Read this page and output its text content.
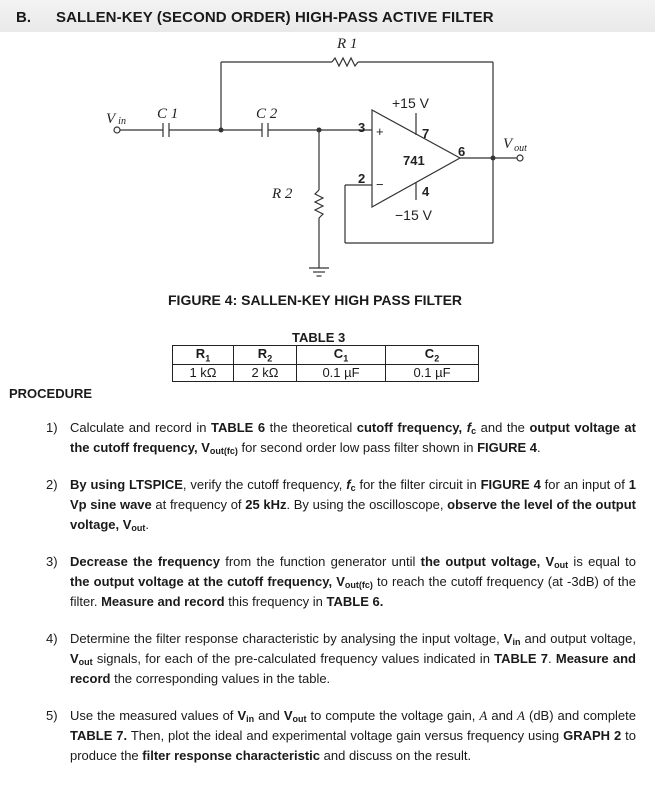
B. SALLEN-KEY (SECOND ORDER) HIGH-PASS ACTIVE FILTER
Vin C 1	C 2
R 1
R 2
V $_{out}$
+15 V
−15 V
741
3
2
+
−
7
4
6
FIGURE 4: SALLEN-KEY HIGH PASS FILTER
TABLE 3
$R_1$	$R_2$	$C_1$	$C_2$
1 kΩ	2 kΩ	0.1 µF	0.1 µF
PROCEDURE
1) Calculate and record in TABLE 6 the theoretical cutoff frequency, $f_c$ and the output voltage at the cutoff frequency, $V_{out(fc)}$ for second order low pass filter shown in FIGURE 4.
2) By using LTSPICE, verify the cutoff frequency, $f_c$ for the filter circuit in FIGURE 4 for an input of 1 Vp sine wave at frequency of 25 kHz. By using the oscilloscope, observe the level of the output voltage, $V_{out}$.
3) Decrease the frequency from the function generator until the output voltage, $V_{out}$ is equal to the output voltage at the cutoff frequency, $V_{out(fc)}$ to reach the cutoff frequency (at -3dB) of the filter. Measure and record this frequency in TABLE 6.
4) Determine the filter response characteristic by analysing the input voltage, $V_{in}$ and output voltage, $V_{out}$ signals, for each of the pre-calculated frequency values indicated in TABLE 7. Measure and record the corresponding values in the table.
5) Use the measured values of $V_{in}$ and $V_{out}$ to compute the voltage gain, A and A (dB) and complete TABLE 7. Then, plot the ideal and experimental voltage gain versus frequency using GRAPH 2 to produce the filter response characteristic and discuss on the result.
